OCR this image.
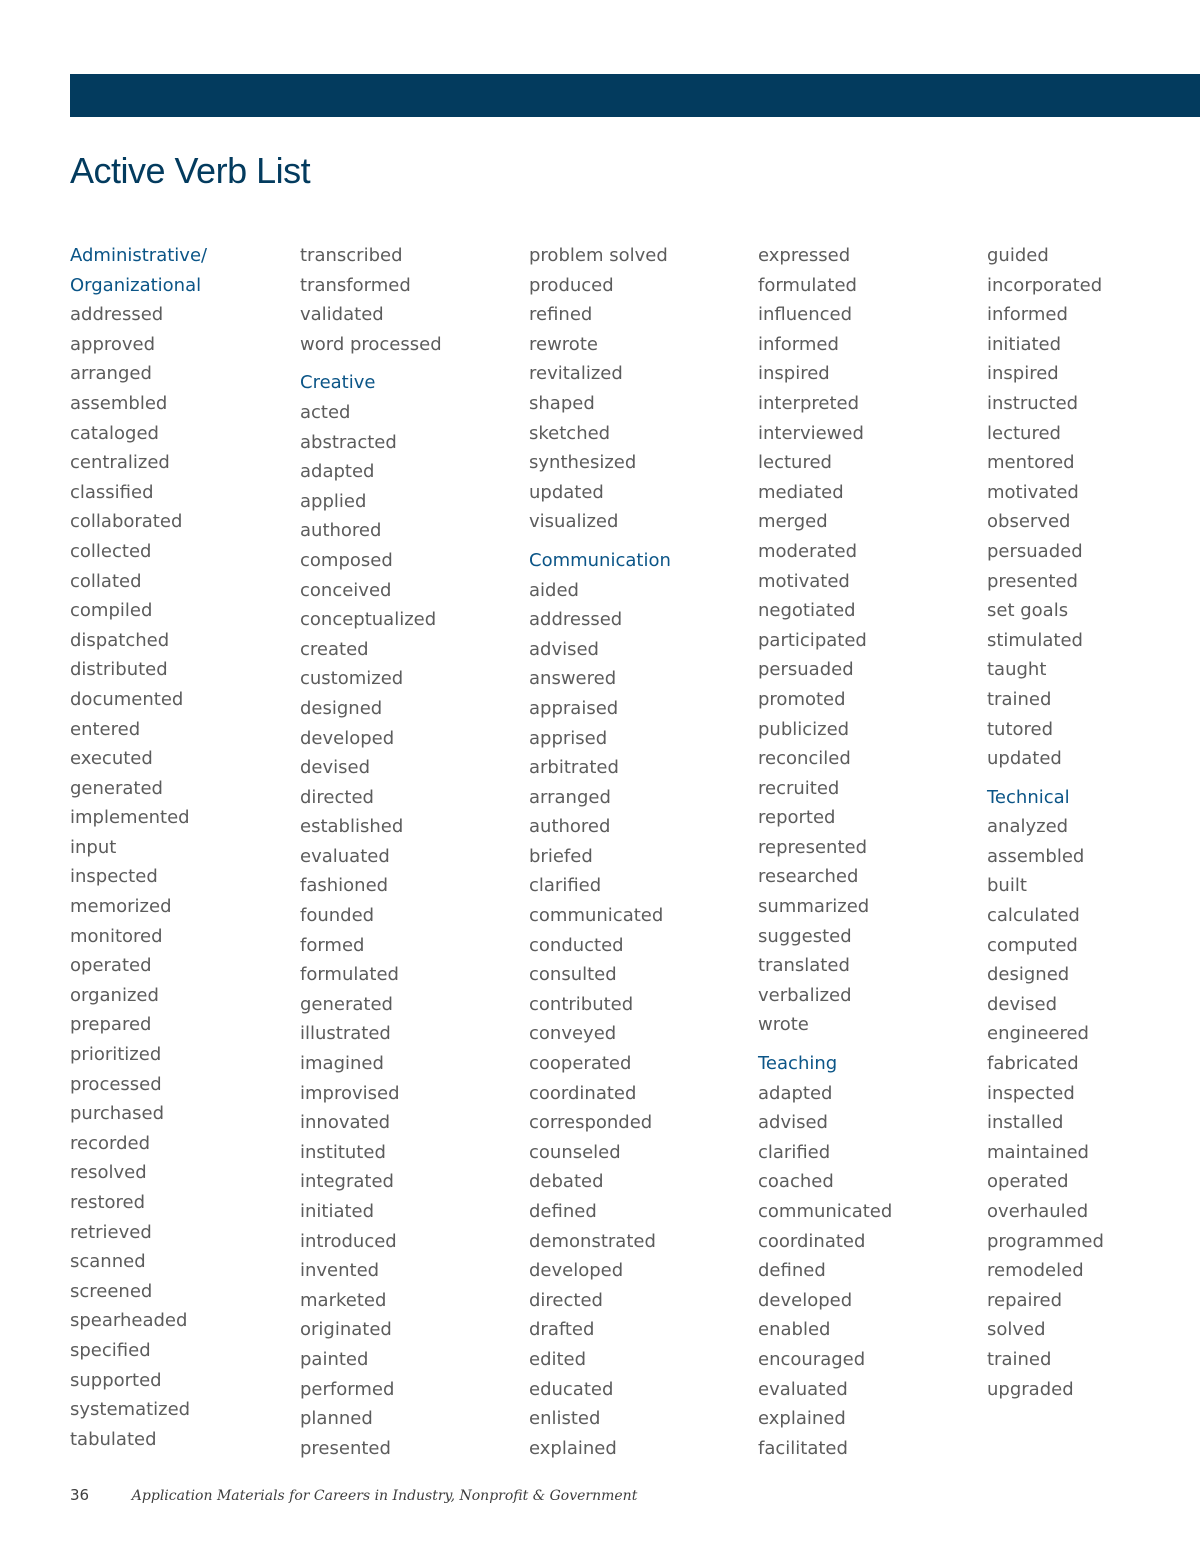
Active Verb List
Administrative/
Organizational
addressed
approved
arranged
assembled
cataloged
centralized
classified
collaborated
collected
collated
compiled
dispatched
distributed
documented
entered
executed
generated
implemented
input
inspected
memorized
monitored
operated
organized
prepared
prioritized
processed
purchased
recorded
resolved
restored
retrieved
scanned
screened
spearheaded
specified
supported
systematized
tabulated
transcribed
transformed
validated
word processed
Creative
acted
abstracted
adapted
applied
authored
composed
conceived
conceptualized
created
customized
designed
developed
devised
directed
established
evaluated
fashioned
founded
formed
formulated
generated
illustrated
imagined
improvised
innovated
instituted
integrated
initiated
introduced
invented
marketed
originated
painted
performed
planned
presented
problem solved
produced
refined
rewrote
revitalized
shaped
sketched
synthesized
updated
visualized
Communication
aided
addressed
advised
answered
appraised
apprised
arbitrated
arranged
authored
briefed
clarified
communicated
conducted
consulted
contributed
conveyed
cooperated
coordinated
corresponded
counseled
debated
defined
demonstrated
developed
directed
drafted
edited
educated
enlisted
explained
expressed
formulated
influenced
informed
inspired
interpreted
interviewed
lectured
mediated
merged
moderated
motivated
negotiated
participated
persuaded
promoted
publicized
reconciled
recruited
reported
represented
researched
summarized
suggested
translated
verbalized
wrote
Teaching
adapted
advised
clarified
coached
communicated
coordinated
defined
developed
enabled
encouraged
evaluated
explained
facilitated
guided
incorporated
informed
initiated
inspired
instructed
lectured
mentored
motivated
observed
persuaded
presented
set goals
stimulated
taught
trained
tutored
updated
Technical
analyzed
assembled
built
calculated
computed
designed
devised
engineered
fabricated
inspected
installed
maintained
operated
overhauled
programmed
remodeled
repaired
solved
trained
upgraded
36	Application Materials for Careers in Industry, Nonprofit & Government
